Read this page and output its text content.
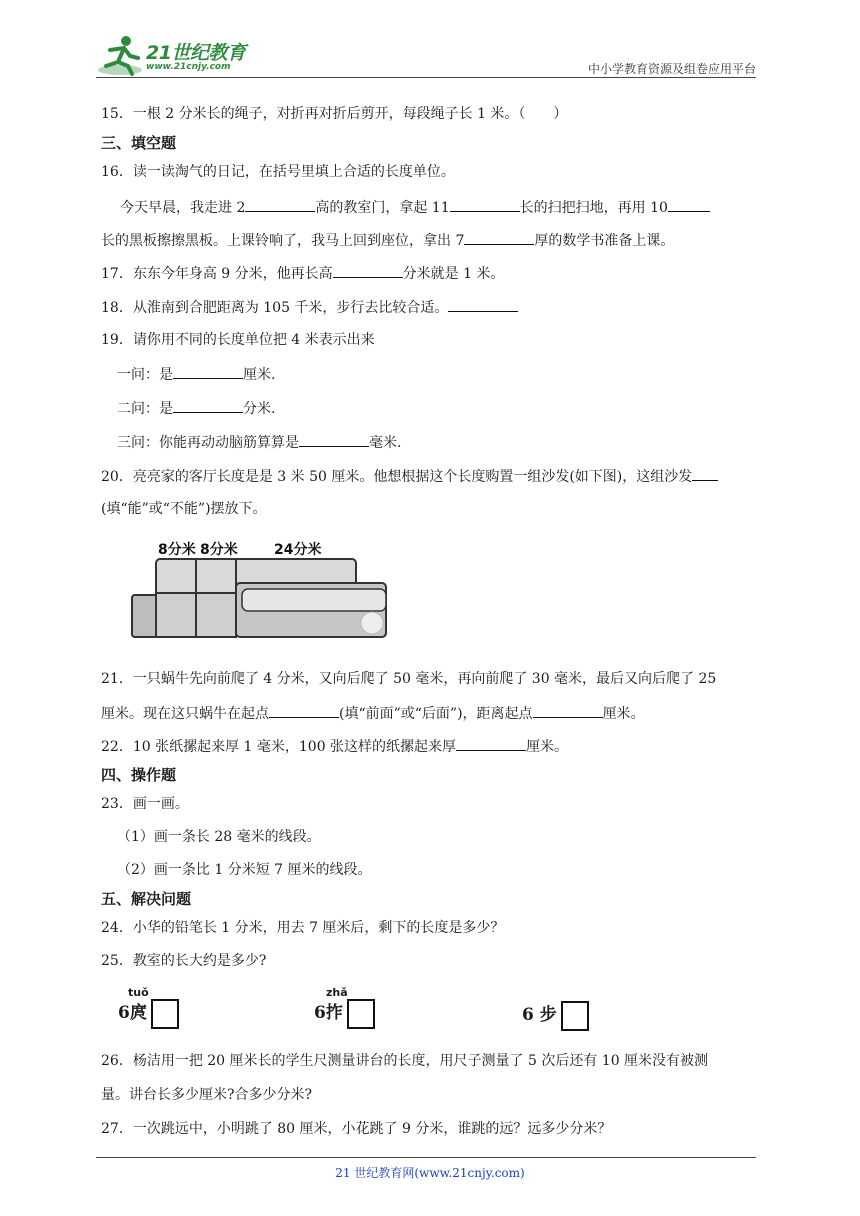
21世纪教育
www.21cnjy.com	中小学教育资源及组卷应用平台
15．一根 2 分米长的绳子，对折再对折后剪开，每段绳子长 1 米。（　　）
三、填空题
16．读一读淘气的日记，在括号里填上合适的长度单位。
今天早晨，我走进 2	高的教室门，拿起 11	长的扫把扫地，再用 10
长的黑板擦擦黑板。上课铃响了，我马上回到座位，拿出 7	厚的数学书准备上课。
17．东东今年身高 9 分米，他再长高	分米就是 1 米。
18．从淮南到合肥距离为 105 千米，步行去比较合适。
19．请你用不同的长度单位把 4 米表示出来
一问：是	厘米.
二问：是	分米.
三问：你能再动动脑筋算算是	毫米.
20．亮亮家的客厅长度是是 3 米 50 厘米。他想根据这个长度购置一组沙发(如下图)，这组沙发
(填“能”或“不能”)摆放下。
8分米 8分米	24分米
21．一只蜗牛先向前爬了 4 分米，又向后爬了 50 毫米，再向前爬了 30 毫米，最后又向后爬了 25
厘米。现在这只蜗牛在起点	(填“前面”或“后面”)，距离起点	厘米。
22．10 张纸摞起来厚 1 毫米，100 张这样的纸摞起来厚	厘米。
四、操作题
23．画一画。
（1）画一条长 28 毫米的线段。
（2）画一条比 1 分米短 7 厘米的线段。
五、解决问题
24．小华的铅笔长 1 分米，用去 7 厘米后，剩下的长度是多少？
25．教室的长大约是多少?
tuǒ
6庹
zhǎ
6拃	6 步
26．杨洁用一把 20 厘米长的学生尺测量讲台的长度，用尺子测量了 5 次后还有 10 厘米没有被测
量。讲台长多少厘米?合多少分米?
27．一次跳远中，小明跳了 80 厘米，小花跳了 9 分米，谁跳的远？远多少分米？
21 世纪教育网(www.21cnjy.com)
